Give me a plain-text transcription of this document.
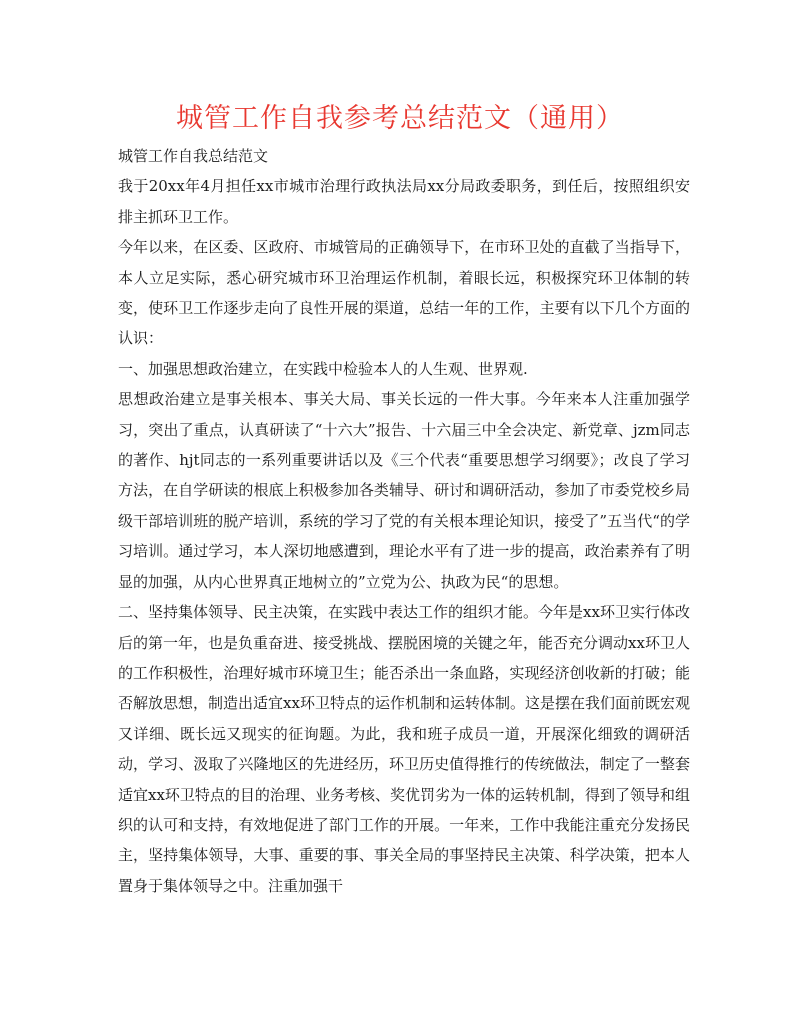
城管工作自我参考总结范文（通用）

城管工作自我总结范文

我于20xx年4月担任xx市城市治理行政执法局xx分局政委职务，到任后，按照组织安排主抓环卫工作。

今年以来，在区委、区政府、市城管局的正确领导下，在市环卫处的直截了当指导下，本人立足实际，悉心研究城市环卫治理运作机制，着眼长远，积极探究环卫体制的转变，使环卫工作逐步走向了良性开展的渠道，总结一年的工作，主要有以下几个方面的认识：

一、加强思想政治建立，在实践中检验本人的人生观、世界观.

思想政治建立是事关根本、事关大局、事关长远的一件大事。今年来本人注重加强学习，突出了重点，认真研读了“十六大”报告、十六届三中全会决定、新党章、jzm同志的著作、hjt同志的一系列重要讲话以及《三个代表“重要思想学习纲要》；改良了学习方法，在自学研读的根底上积极参加各类辅导、研讨和调研活动，参加了市委党校乡局级干部培训班的脱产培训，系统的学习了党的有关根本理论知识，接受了”五当代“的学习培训。通过学习，本人深切地感遭到，理论水平有了进一步的提高，政治素养有了明显的加强，从内心世界真正地树立的”立党为公、执政为民“的思想。

二、坚持集体领导、民主决策，在实践中表达工作的组织才能。今年是xx环卫实行体改后的第一年，也是负重奋进、接受挑战、摆脱困境的关键之年，能否充分调动xx环卫人的工作积极性，治理好城市环境卫生；能否杀出一条血路，实现经济创收新的打破；能否解放思想，制造出适宜xx环卫特点的运作机制和运转体制。这是摆在我们面前既宏观又详细、既长远又现实的征询题。为此，我和班子成员一道，开展深化细致的调研活动，学习、汲取了兴隆地区的先进经历，环卫历史值得推行的传统做法，制定了一整套适宜xx环卫特点的目的治理、业务考核、奖优罚劣为一体的运转机制，得到了领导和组织的认可和支持，有效地促进了部门工作的开展。一年来，工作中我能注重充分发扬民主，坚持集体领导，大事、重要的事、事关全局的事坚持民主决策、科学决策，把本人置身于集体领导之中。注重加强干
